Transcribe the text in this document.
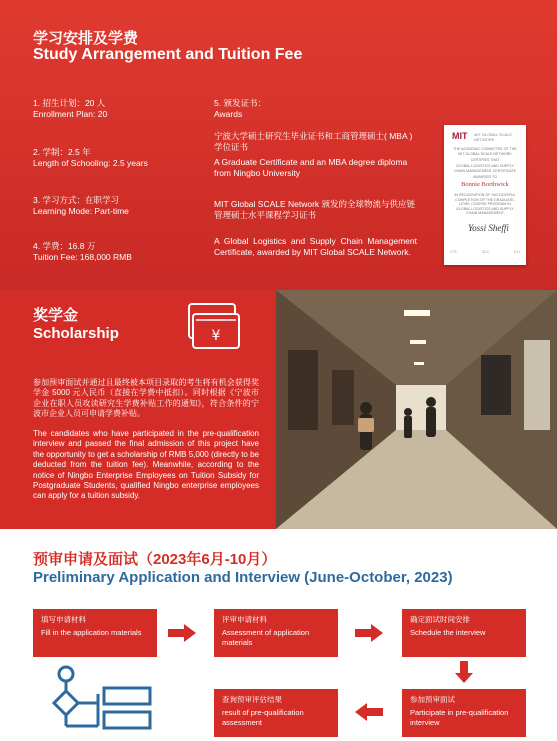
学习安排及学费
Study Arrangement and Tuition Fee
1. 招生计划：20 人
Enrollment Plan: 20
2. 学制：2.5 年
Length of Schooling: 2.5 years
3. 学习方式：在职学习
Learning Mode: Part-time
4. 学费：16.8 万
Tuition Fee: 168,000 RMB
5. 颁发证书：
Awards
宁波大学硕士研究生毕业证书和工商管理硕士( MBA )学位证书
A Graduate Certificate and an MBA degree diploma from Ningbo University
MIT Global SCALE Network 颁发的全球物流与供应链管理硕士水平课程学习证书
A Global Logistics and Supply Chain Management Certificate, awarded by MIT Global SCALE Network.
MIT MIT GLOBAL SCALE NETWORK
THE ACADEMIC COMMITTEE OF THE MIT GLOBAL SCALE NETWORK
CERTIFIES THAT
GLOBAL LOGISTICS AND SUPPLY CHAIN MANAGEMENT CERTIFICATE
AWARDED TO
Bonnie Borthwick
IN RECOGNITION OF SUCCESSFUL COMPLETION OF THE GRADUATE-LEVEL COURSE PROGRAM IN GLOBAL LOGISTICS AND SUPPLY CHAIN MANAGEMENT
Yossi Sheffi
CTL	ZLC	CLI
奖学金
Scholarship	¥
参加预审面试并通过且最终被本项目录取的考生将有机会获得奖学金 5000 元人民币（直接在学费中抵扣）。同时根据《宁波市企业在职人员攻读研究生学费补贴工作的通知》，符合条件的宁波市企业人员可申请学费补贴。
The candidates who have participated in the pre-qualification interview and passed the final admission of this project have the opportunity to get a scholarship of RMB 5,000 (directly to be deducted from the tuition fee). Meanwhile, according to the notice of Ningbo Enterprise Employees on Tuition Subsidy for Postgraduate Students, qualified Ningbo enterprise employees can apply for a tuition subsidy.
预审申请及面试（2023年6月-10月）
Preliminary Application and Interview (June-October, 2023)
填写申请材料
Fill in the application materials
评审申请材料
Assessment of application materials
确定面试时间安排
Schedule the interview
参加预审面试
Participate in pre-qualification interview
查询预审评估结果
result of pre-qualification assessment
